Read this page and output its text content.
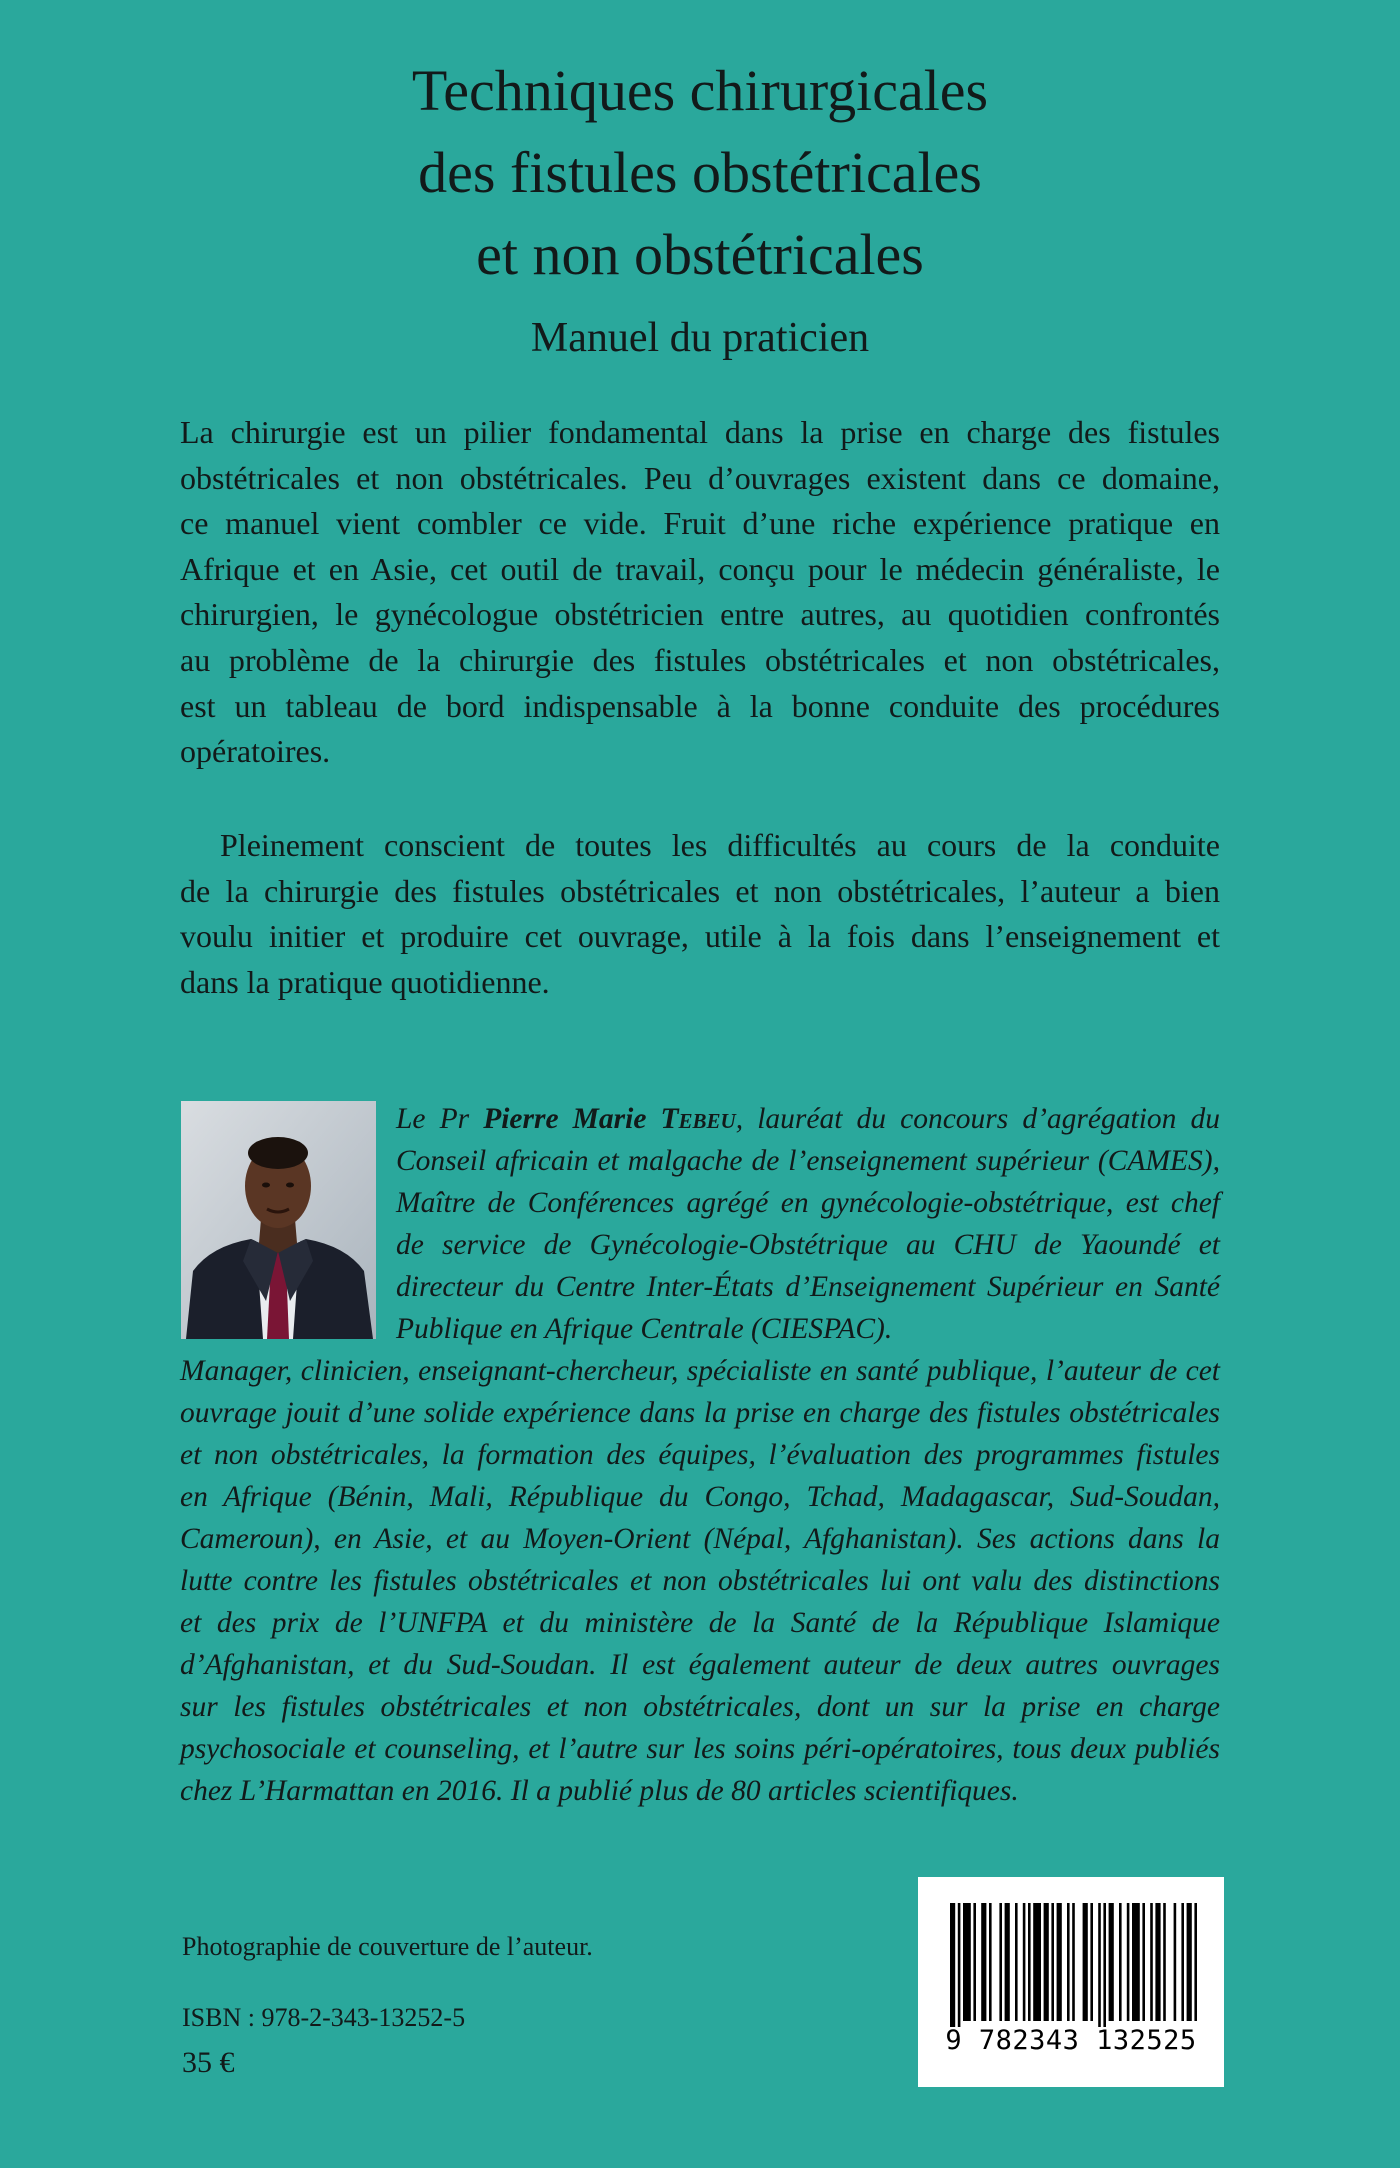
Techniques chirurgicales
des fistules obstétricales
et non obstétricales
Manuel du praticien
La chirurgie est un pilier fondamental dans la prise en charge des fistules
obstétricales et non obstétricales. Peu d’ouvrages existent dans ce domaine,
ce manuel vient combler ce vide. Fruit d’une riche expérience pratique en
Afrique et en Asie, cet outil de travail, conçu pour le médecin généraliste, le
chirurgien, le gynécologue obstétricien entre autres, au quotidien confrontés
au problème de la chirurgie des fistules obstétricales et non obstétricales,
est un tableau de bord indispensable à la bonne conduite des procédures
opératoires.
Pleinement conscient de toutes les difficultés au cours de la conduite
de la chirurgie des fistules obstétricales et non obstétricales, l’auteur a bien
voulu initier et produire cet ouvrage, utile à la fois dans l’enseignement et
dans la pratique quotidienne.
Le Pr Pierre Marie Tebeu, lauréat du concours d’agrégation du
Conseil africain et malgache de l’enseignement supérieur (CAMES),
Maître de Conférences agrégé en gynécologie-obstétrique, est chef
de service de Gynécologie-Obstétrique au CHU de Yaoundé et
directeur du Centre Inter-États d’Enseignement Supérieur en Santé
Publique en Afrique Centrale (CIESPAC).
Manager, clinicien, enseignant-chercheur, spécialiste en santé publique, l’auteur de cet
ouvrage jouit d’une solide expérience dans la prise en charge des fistules obstétricales
et non obstétricales, la formation des équipes, l’évaluation des programmes fistules
en Afrique (Bénin, Mali, République du Congo, Tchad, Madagascar, Sud-Soudan,
Cameroun), en Asie, et au Moyen-Orient (Népal, Afghanistan). Ses actions dans la
lutte contre les fistules obstétricales et non obstétricales lui ont valu des distinctions
et des prix de l’UNFPA et du ministère de la Santé de la République Islamique
d’Afghanistan, et du Sud-Soudan. Il est également auteur de deux autres ouvrages
sur les fistules obstétricales et non obstétricales, dont un sur la prise en charge
psychosociale et counseling, et l’autre sur les soins péri-opératoires, tous deux publiés
chez L’Harmattan en 2016. Il a publié plus de 80 articles scientifiques.
Photographie de couverture de l’auteur.
ISBN : 978-2-343-13252-5
35 €
9 782343 132525
